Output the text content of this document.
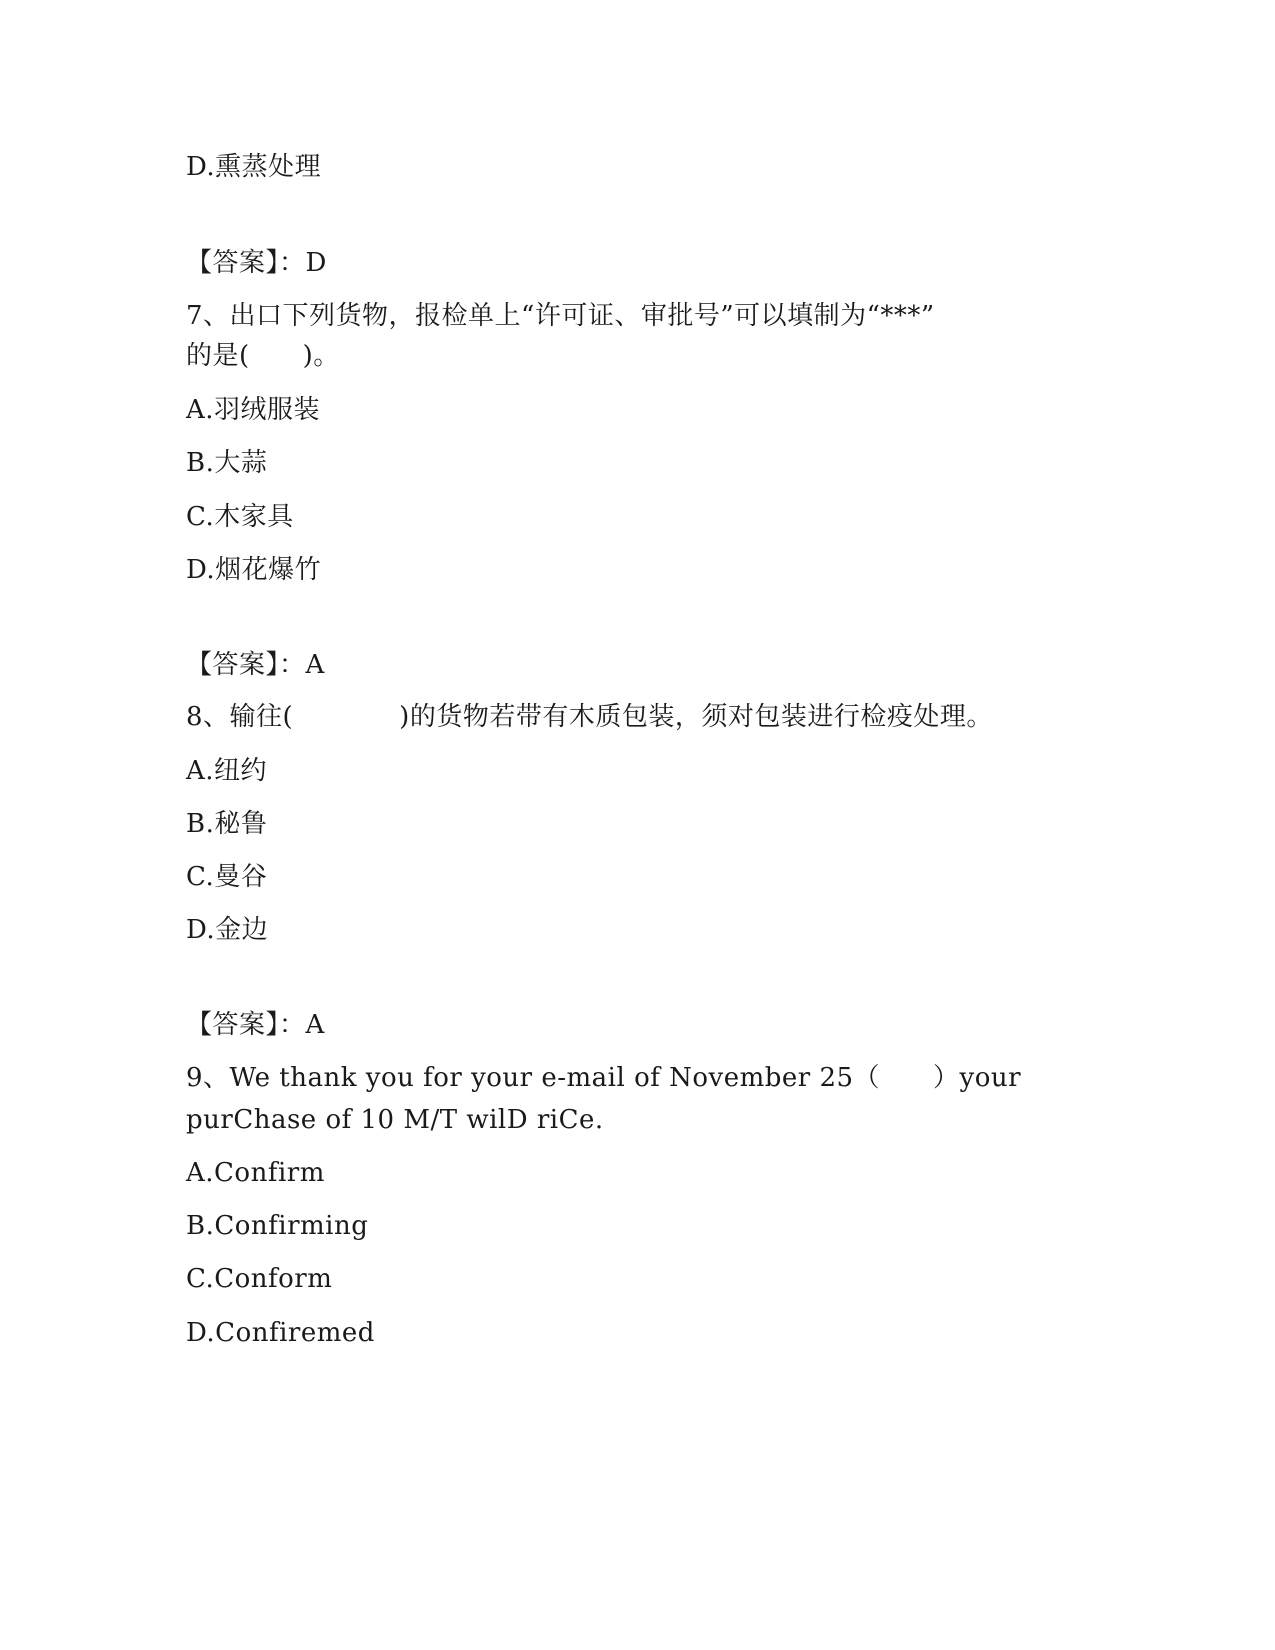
D.熏蒸处理
【答案】：D
7、出口下列货物，报检单上“许可证、审批号”可以填制为“***”
的是(　　)。
A.羽绒服装
B.大蒜
C.木家具
D.烟花爆竹
【答案】：A
8、输往(　　　　)的货物若带有木质包装，须对包装进行检疫处理。
A.纽约
B.秘鲁
C.曼谷
D.金边
【答案】：A
9、We thank you for your e-mail of November 25（　　）your
purChase of 10 M/T wilD riCe.
A.Confirm
B.Confirming
C.Conform
D.Confiremed
